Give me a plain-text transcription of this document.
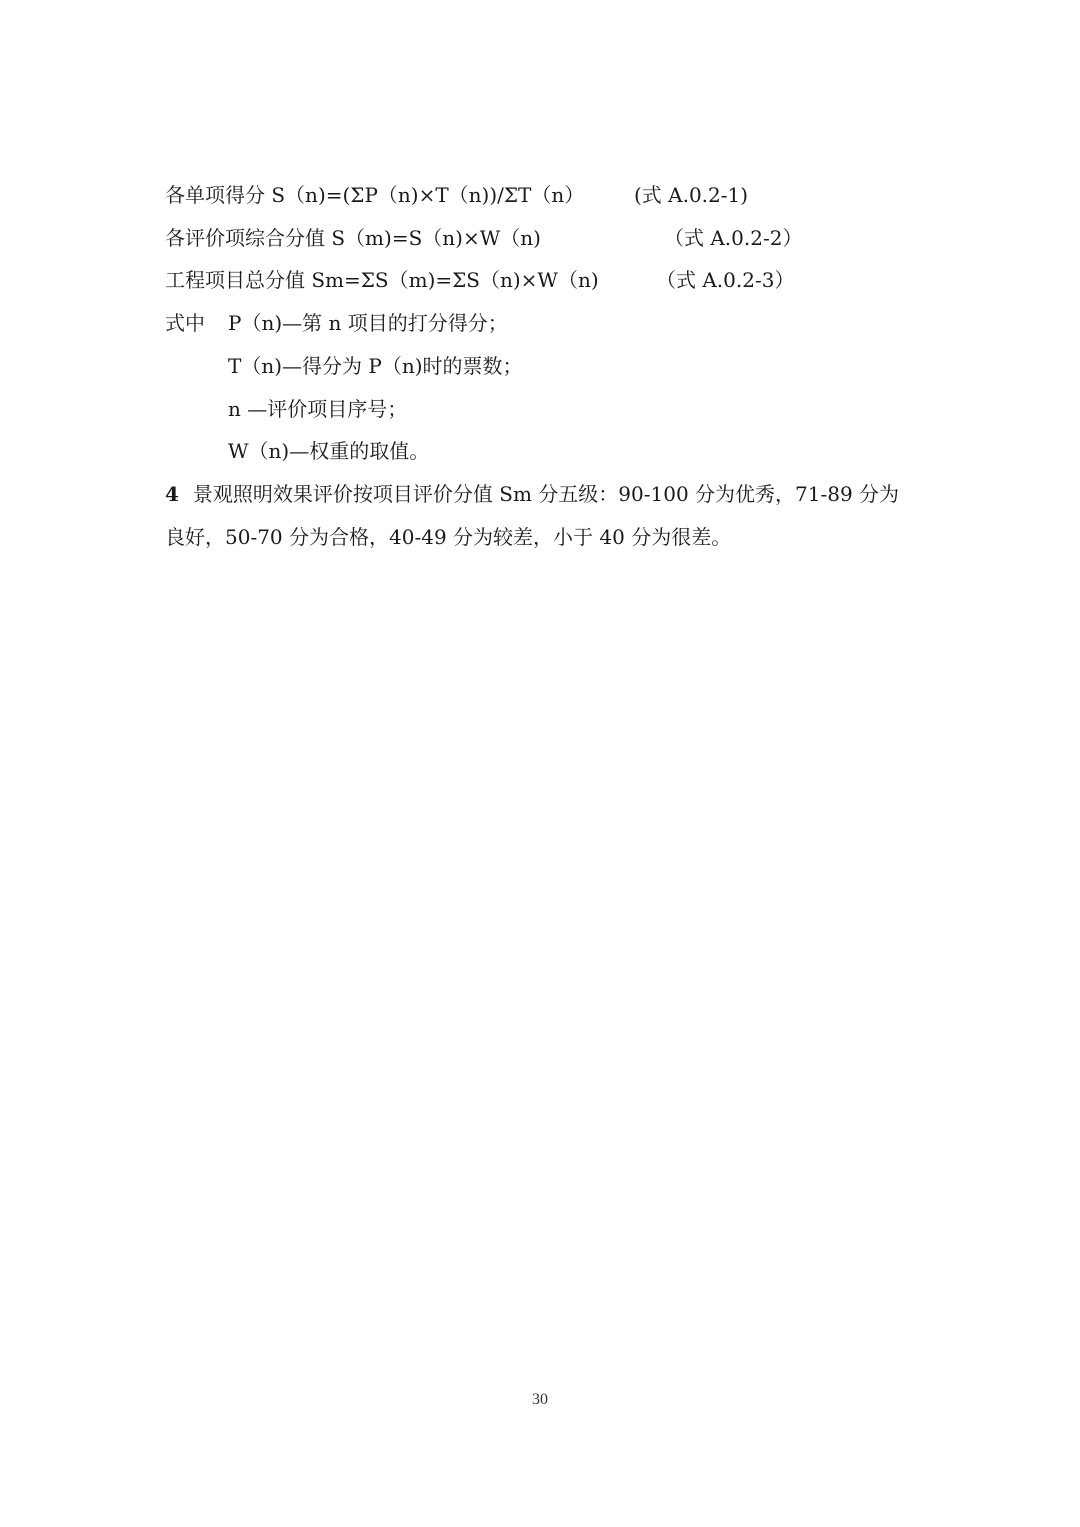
各单项得分 S（n)=(ΣP（n)×T（n))/ΣT（n） (式 A.0.2-1)
各评价项综合分值 S（m)=S（n)×W（n)	（式 A.0.2-2）
工程项目总分值 Sm=ΣS（m)=ΣS（n)×W（n)	（式 A.0.2-3）
式中 P（n)—第 n 项目的打分得分；
T（n)—得分为 P（n)时的票数；
n —评价项目序号；
W（n)—权重的取值。
4 景观照明效果评价按项目评价分值 Sm 分五级：90-100 分为优秀，71-89 分为
良好，50-70 分为合格，40-49 分为较差，小于 40 分为很差。
30
